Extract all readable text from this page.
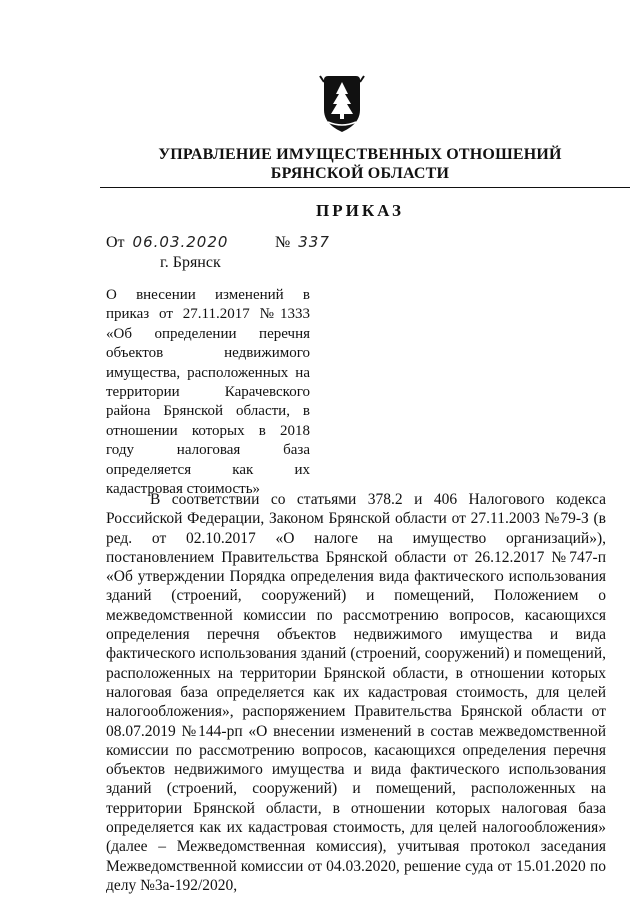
УПРАВЛЕНИЕ ИМУЩЕСТВЕННЫХ ОТНОШЕНИЙ
БРЯНСКОЙ ОБЛАСТИ
ПРИКАЗ
От 06.03.2020	№ 337
г. Брянск
О внесении изменений в приказ от 27.11.2017 №1333 «Об определении перечня объектов недвижимого имущества, расположенных на территории Карачевского района Брянской области, в отношении которых в 2018 году налоговая база определяется как их кадастровая стоимость»
В соответствии со статьями 378.2 и 406 Налогового кодекса Российской Федерации, Законом Брянской области от 27.11.2003 №79-З (в ред. от 02.10.2017 «О налоге на имущество организаций»), постановлением Правительства Брянской области от 26.12.2017 №747-п «Об утверждении Порядка определения вида фактического использования зданий (строений, сооружений) и помещений, Положением о межведомственной комиссии по рассмотрению вопросов, касающихся определения перечня объектов недвижимого имущества и вида фактического использования зданий (строений, сооружений) и помещений, расположенных на территории Брянской области, в отношении которых налоговая база определяется как их кадастровая стоимость, для целей налогообложения», распоряжением Правительства Брянской области от 08.07.2019 №144-рп «О внесении изменений в состав межведомственной комиссии по рассмотрению вопросов, касающихся определения перечня объектов недвижимого имущества и вида фактического использования зданий (строений, сооружений) и помещений, расположенных на территории Брянской области, в отношении которых налоговая база определяется как их кадастровая стоимость, для целей налогообложения» (далее – Межведомственная комиссия), учитывая протокол заседания Межведомственной комиссии от 04.03.2020, решение суда от 15.01.2020 по делу №3а-192/2020,
